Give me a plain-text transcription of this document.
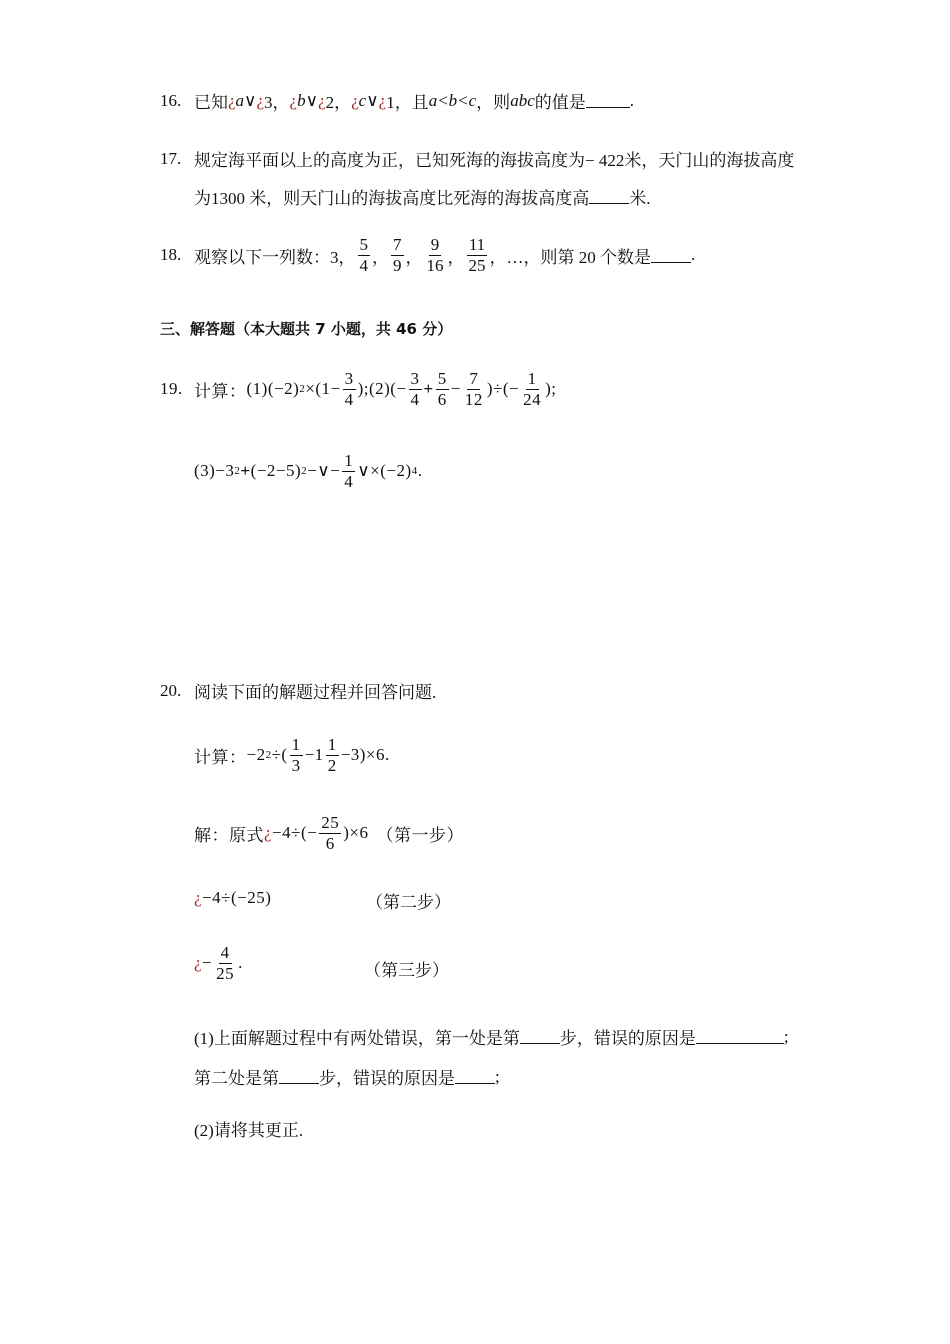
16. 已知 ¿ a ∨ ¿ 3， ¿ b ∨ ¿ 2， ¿ c ∨ ¿ 1，且 a<b<c ，则 abc 的值是	.
17. 规定海平面以上的高度为正，已知死海的海拔高度为− 422米，天门山的海拔高度
为1300 米，则天门山的海拔高度比死海的海拔高度高 米.
18. 观察以下一列数：3， $\frac{5}{4}$ ， $\frac{7}{9}$ ， $\frac{9}{16}$ ， $\frac{11}{25}$ ，…，则第 20 个数是 .
三、解答题（本大题共 7 小题，共 46 分）
19. 计算： (1)(−2) $2 \times(1- \frac{3}{4}$ );(2)(− $\frac{3}{4} + \frac{5}{6} - \frac{7}{12}$ )÷(− $\frac{1}{24}$ );
(3)−3 2 + (−2−5) 2 −∨− $\frac{1}{4}$ ∨×(−2) 4 .
20. 阅读下面的解题过程并回答问题.
计算： −2 2 ÷( $\frac{1}{3} -1 \frac{1}{2} -3)\times 6$.
解：原式 ¿ $-4\div(- \frac{25}{6} )\times 6$ （第一步）
¿ −4÷(−25)	（第二步）
¿ − $\frac{4}{25}$ .	（第三步）
(1)上面解题过程中有两处错误，第一处是第 步，错误的原因是	;
第二处是第 步，错误的原因是 ;
(2)请将其更正.
